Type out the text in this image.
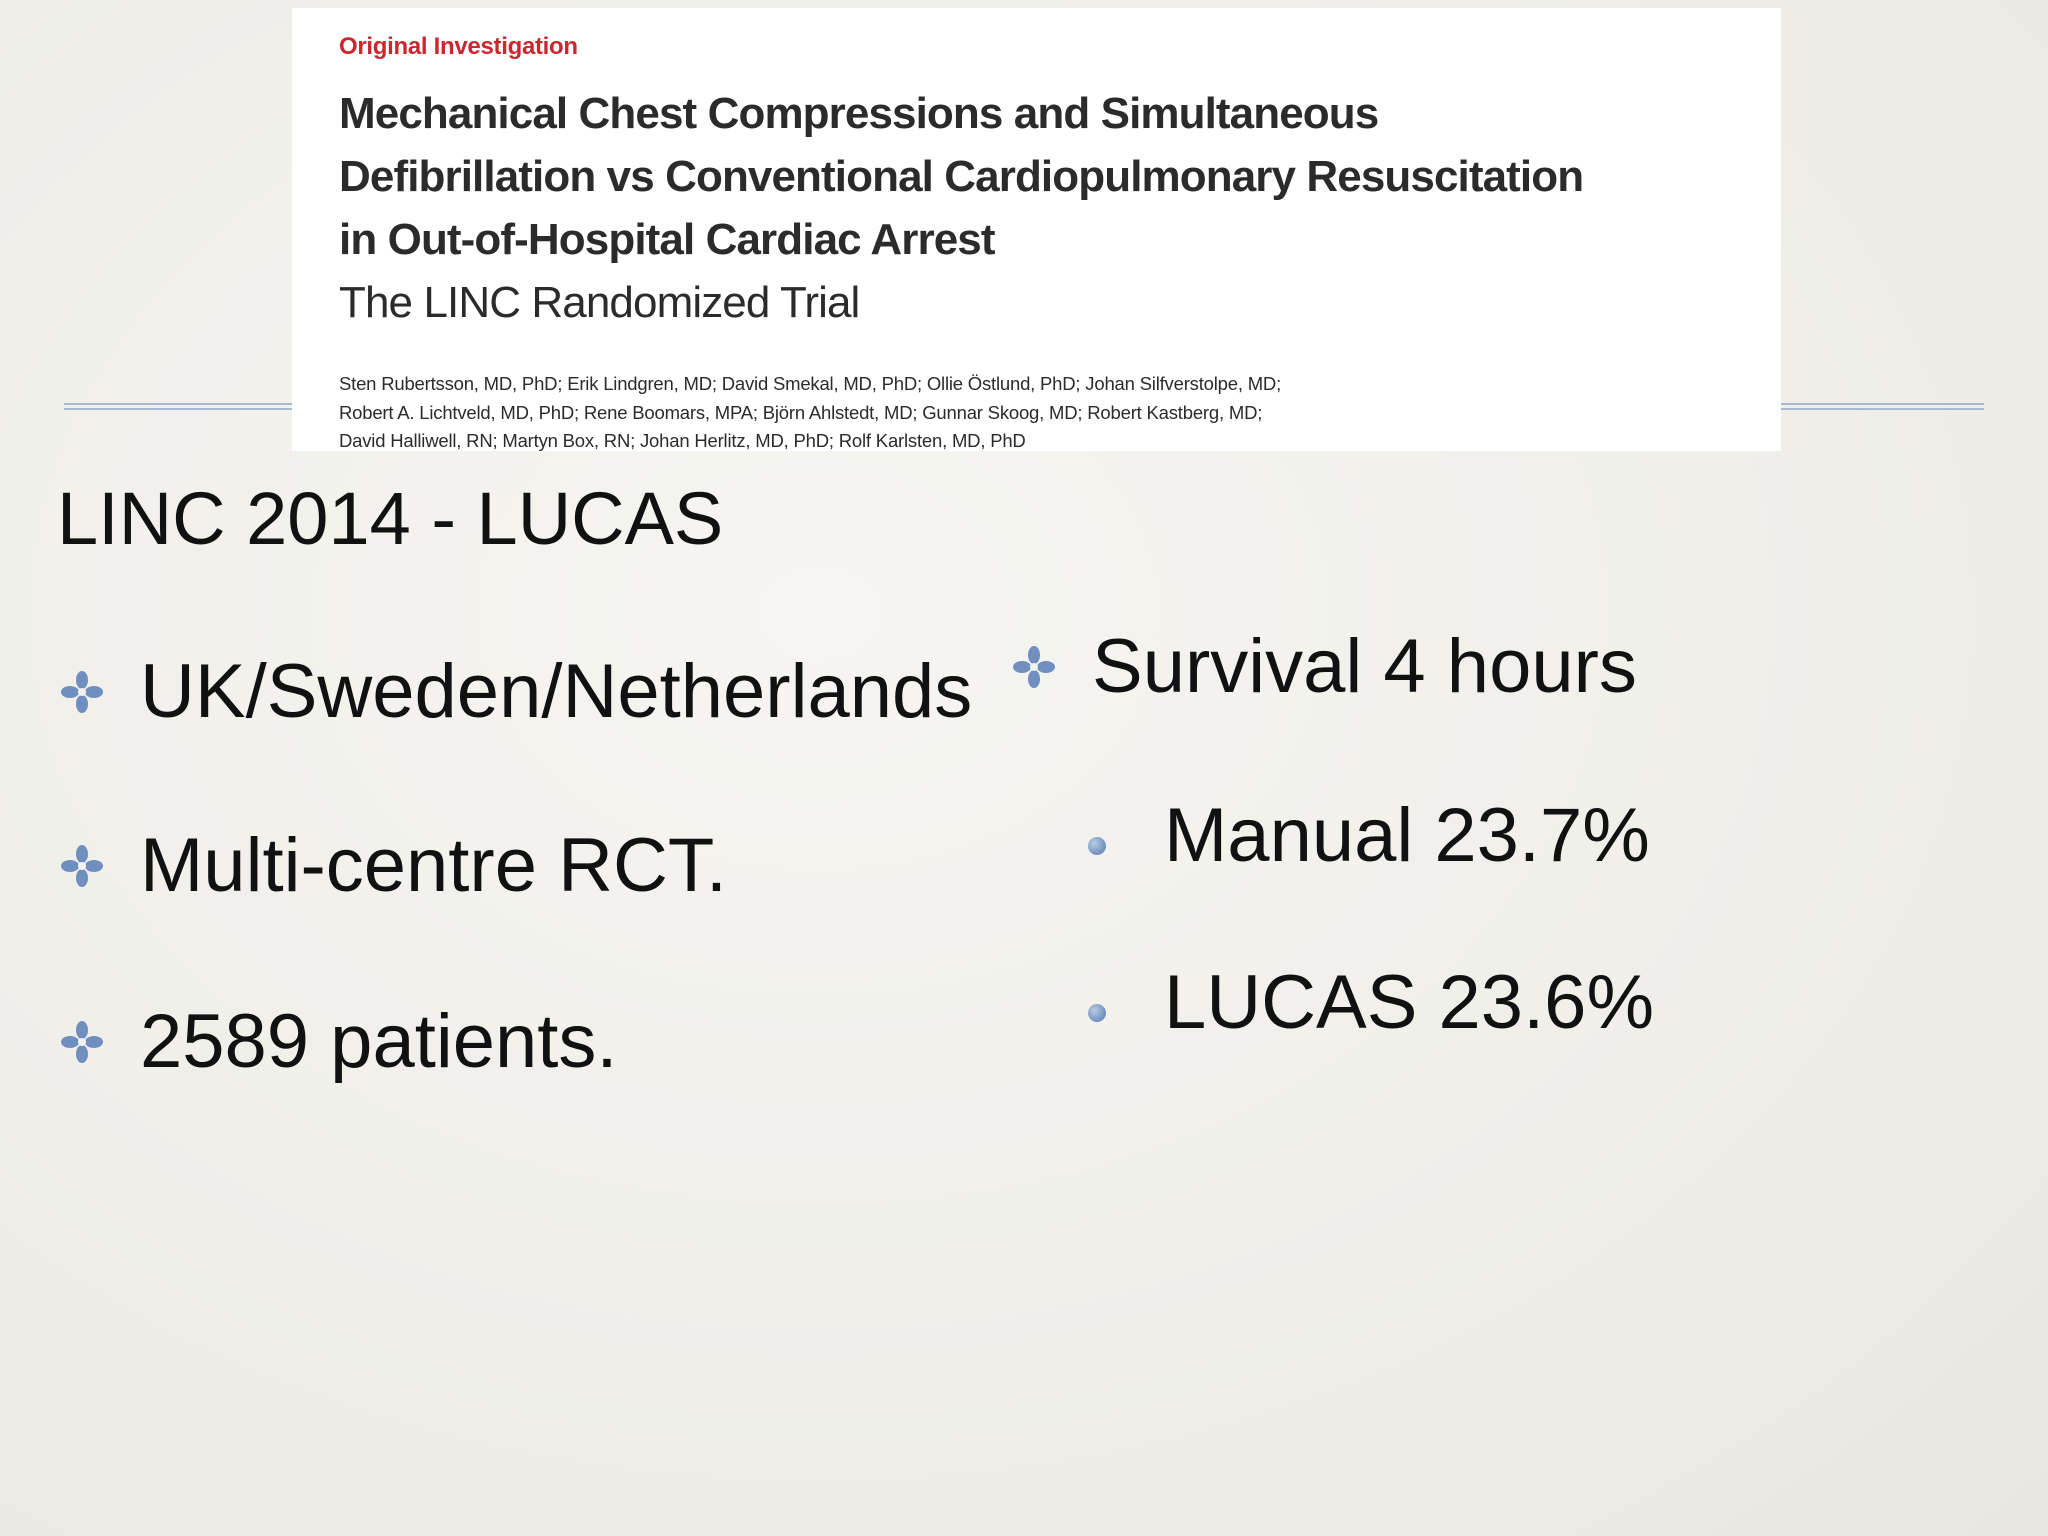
Original Investigation

Mechanical Chest Compressions and Simultaneous
Defibrillation vs Conventional Cardiopulmonary Resuscitation
in Out-of-Hospital Cardiac Arrest

The LINC Randomized Trial

Sten Rubertsson, MD, PhD; Erik Lindgren, MD; David Smekal, MD, PhD; Ollie Östlund, PhD; Johan Silfverstolpe, MD;
Robert A. Lichtveld, MD, PhD; Rene Boomars, MPA; Björn Ahlstedt, MD; Gunnar Skoog, MD; Robert Kastberg, MD;
David Halliwell, RN; Martyn Box, RN; Johan Herlitz, MD, PhD; Rolf Karlsten, MD, PhD
LINC 2014 - LUCAS
UK/Sweden/Netherlands
Multi-centre RCT.
2589 patients.
Survival 4 hours
Manual 23.7%
LUCAS 23.6%
